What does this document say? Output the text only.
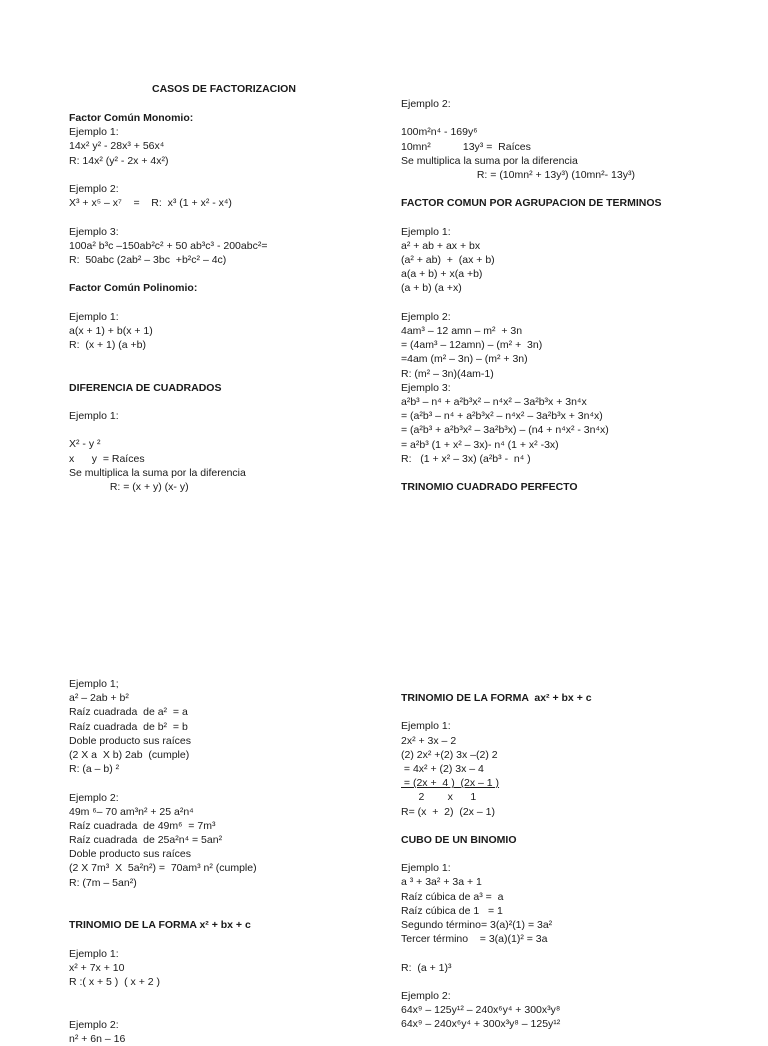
CASOS DE FACTORIZACION
Factor Común Monomio:
Ejemplo 1:
14x² y² - 28x³ + 56x⁴
R: 14x² (y² - 2x + 4x²)
Ejemplo 2:
X³ + x⁵ – x⁷    =    R:  x³ (1 + x² - x⁴)
Ejemplo 3:
100a² b³c –150ab²c² + 50 ab³c³ - 200abc²=
R:  50abc (2ab² – 3bc  +b²c² – 4c)
Factor Común Polinomio:
Ejemplo 1:
a(x + 1) + b(x + 1)
R:  (x + 1) (a +b)
DIFERENCIA DE CUADRADOS
Ejemplo 1:
X² - y ²
x      y  = Raíces
Se multiplica la suma por la diferencia
R: = (x + y) (x- y)
Ejemplo 2:
100m²n⁴ - 169y⁶
10mn²           13y³ =  Raíces
Se multiplica la suma por la diferencia
R: = (10mn² + 13y³) (10mn²- 13y³)
FACTOR COMUN POR AGRUPACION DE TERMINOS
Ejemplo 1:
a² + ab + ax + bx
(a² + ab)  +  (ax + b)
a(a + b) + x(a +b)
(a + b) (a +x)
Ejemplo 2:
4am³ – 12 amn – m²  + 3n
= (4am³ – 12amn) – (m² +  3n)
=4am (m² – 3n) – (m² + 3n)
R: (m² – 3n)(4am-1)
Ejemplo 3:
a²b³ – n⁴ + a²b³x² – n⁴x² – 3a²b³x + 3n⁴x
= (a²b³ – n⁴ + a²b³x² – n⁴x² – 3a²b³x + 3n⁴x)
= (a²b³ + a²b³x² – 3a²b³x) – (n4 + n⁴x² - 3n⁴x)
= a²b³ (1 + x² – 3x)- n⁴ (1 + x² -3x)
R:   (1 + x² – 3x) (a²b³ -  n⁴ )
TRINOMIO CUADRADO PERFECTO
Ejemplo 1;
a² – 2ab + b²
Raíz cuadrada  de a²  = a
Raíz cuadrada  de b²  = b
Doble producto sus raíces
(2 X a  X b) 2ab  (cumple)
R: (a – b) ²
Ejemplo 2:
49m ⁶– 70 am³n² + 25 a²n⁴
Raíz cuadrada  de 49m⁶  = 7m³
Raíz cuadrada  de 25a²n⁴ = 5an²
Doble producto sus raíces
(2 X 7m³  X  5a²n²) =  70am³ n² (cumple)
R: (7m – 5an²)
TRINOMIO DE LA FORMA x² + bx + c
Ejemplo 1:
x² + 7x + 10
R :( x + 5 )  ( x + 2 )
Ejemplo 2:
n² + 6n – 16
TRINOMIO DE LA FORMA  ax² + bx + c
Ejemplo 1:
2x² + 3x – 2
(2) 2x² +(2) 3x –(2) 2
= 4x² + (2) 3x – 4
= (2x +  4 )  (2x – 1 )
2        x      1
R= (x  +  2)  (2x – 1)
CUBO DE UN BINOMIO
Ejemplo 1:
a ³ + 3a² + 3a + 1
Raíz cúbica de a³ =  a
Raíz cúbica de 1   = 1
Segundo término= 3(a)²(1) = 3a²
Tercer término    = 3(a)(1)² = 3a
R:  (a + 1)³
Ejemplo 2:
64x⁹ – 125y¹² – 240x⁶y⁴ + 300x³y⁸
64x⁹ – 240x⁶y⁴ + 300x³y⁸ – 125y¹²
